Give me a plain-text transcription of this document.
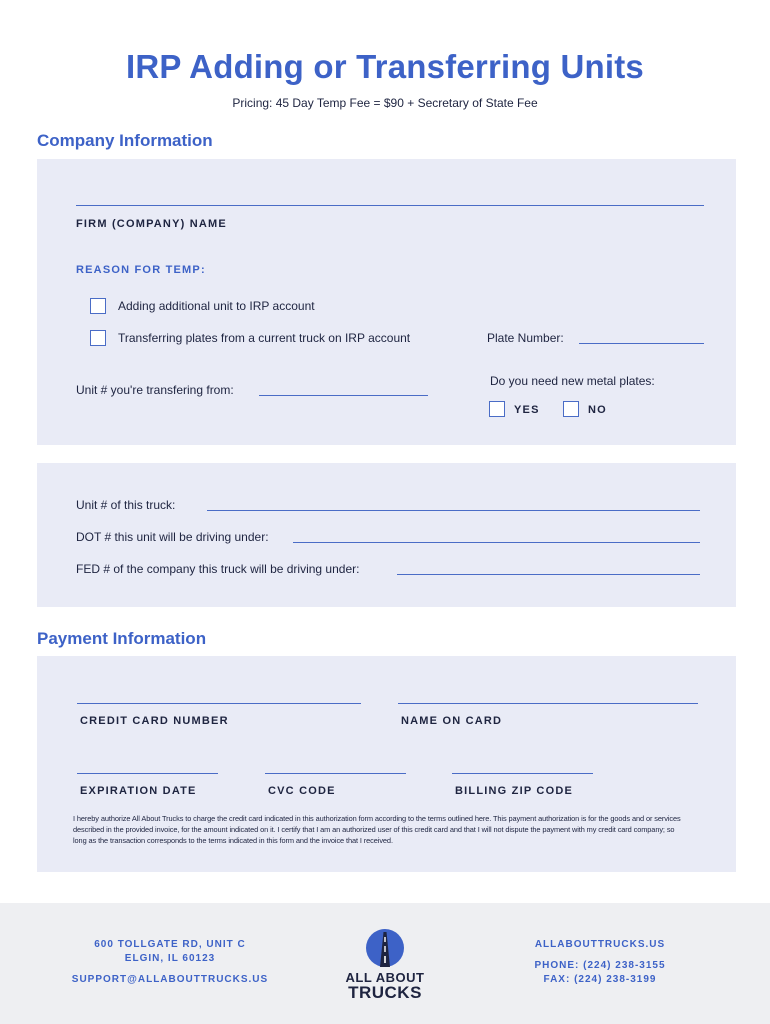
IRP Adding or Transferring Units
Pricing: 45 Day Temp Fee = $90 + Secretary of State Fee
Company Information
FIRM (COMPANY) NAME
REASON FOR TEMP:
Adding additional unit to IRP account
Transferring plates from a current truck on IRP account	Plate Number:
Do you need new metal plates:
YES	NO
Unit # you're transfering from:
Unit # of this truck:
DOT # this unit will be driving under:
FED # of the company this truck will be driving under:
Payment Information
CREDIT CARD NUMBER	NAME ON CARD
EXPIRATION DATE	CVC CODE	BILLING ZIP CODE
I hereby authorize All About Trucks to charge the credit card indicated in this authorization form according to the terms outlined here. This payment authorization is for the goods and or services described in the provided invoice, for the amount indicated on it. I certify that I am an authorized user of this credit card and that I will not dispute the payment with my credit card company; so long as the transaction corresponds to the terms indicated in this form and the invoice that I received.
600 TOLLGATE RD, UNIT C
ELGIN, IL 60123
SUPPORT@ALLABOUTTRUCKS.US	ALL ABOUT
TRUCKS
ALLABOUTTRUCKS.US
PHONE: (224) 238-3155
FAX: (224) 238-3199
